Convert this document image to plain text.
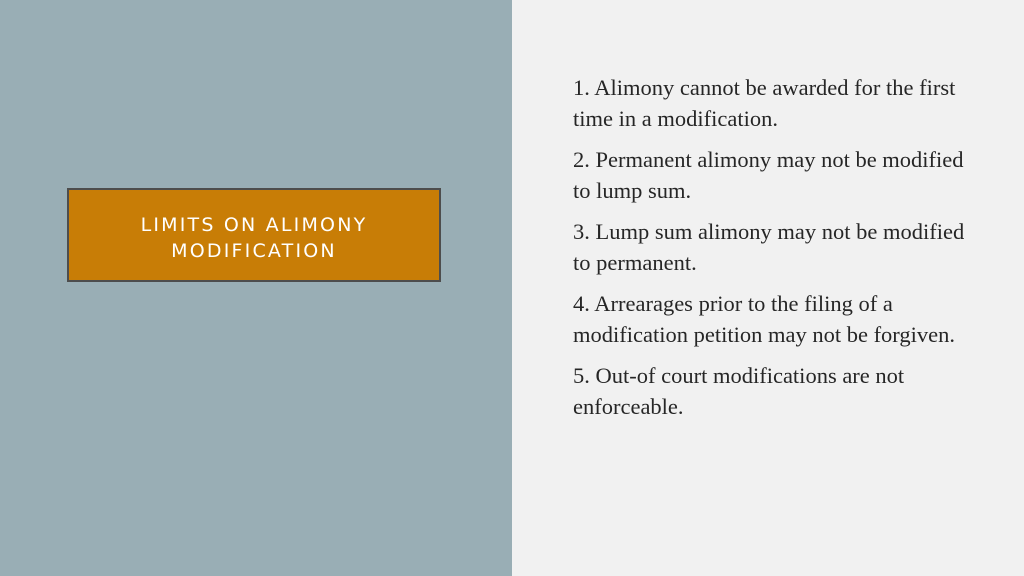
LIMITS ON ALIMONY MODIFICATION
1. Alimony cannot be awarded for the first time in a modification.
2. Permanent alimony may not be modified to lump sum.
3. Lump sum alimony may not be modified to permanent.
4. Arrearages prior to the filing of a modification petition may not be forgiven.
5. Out-of court modifications are not enforceable.
